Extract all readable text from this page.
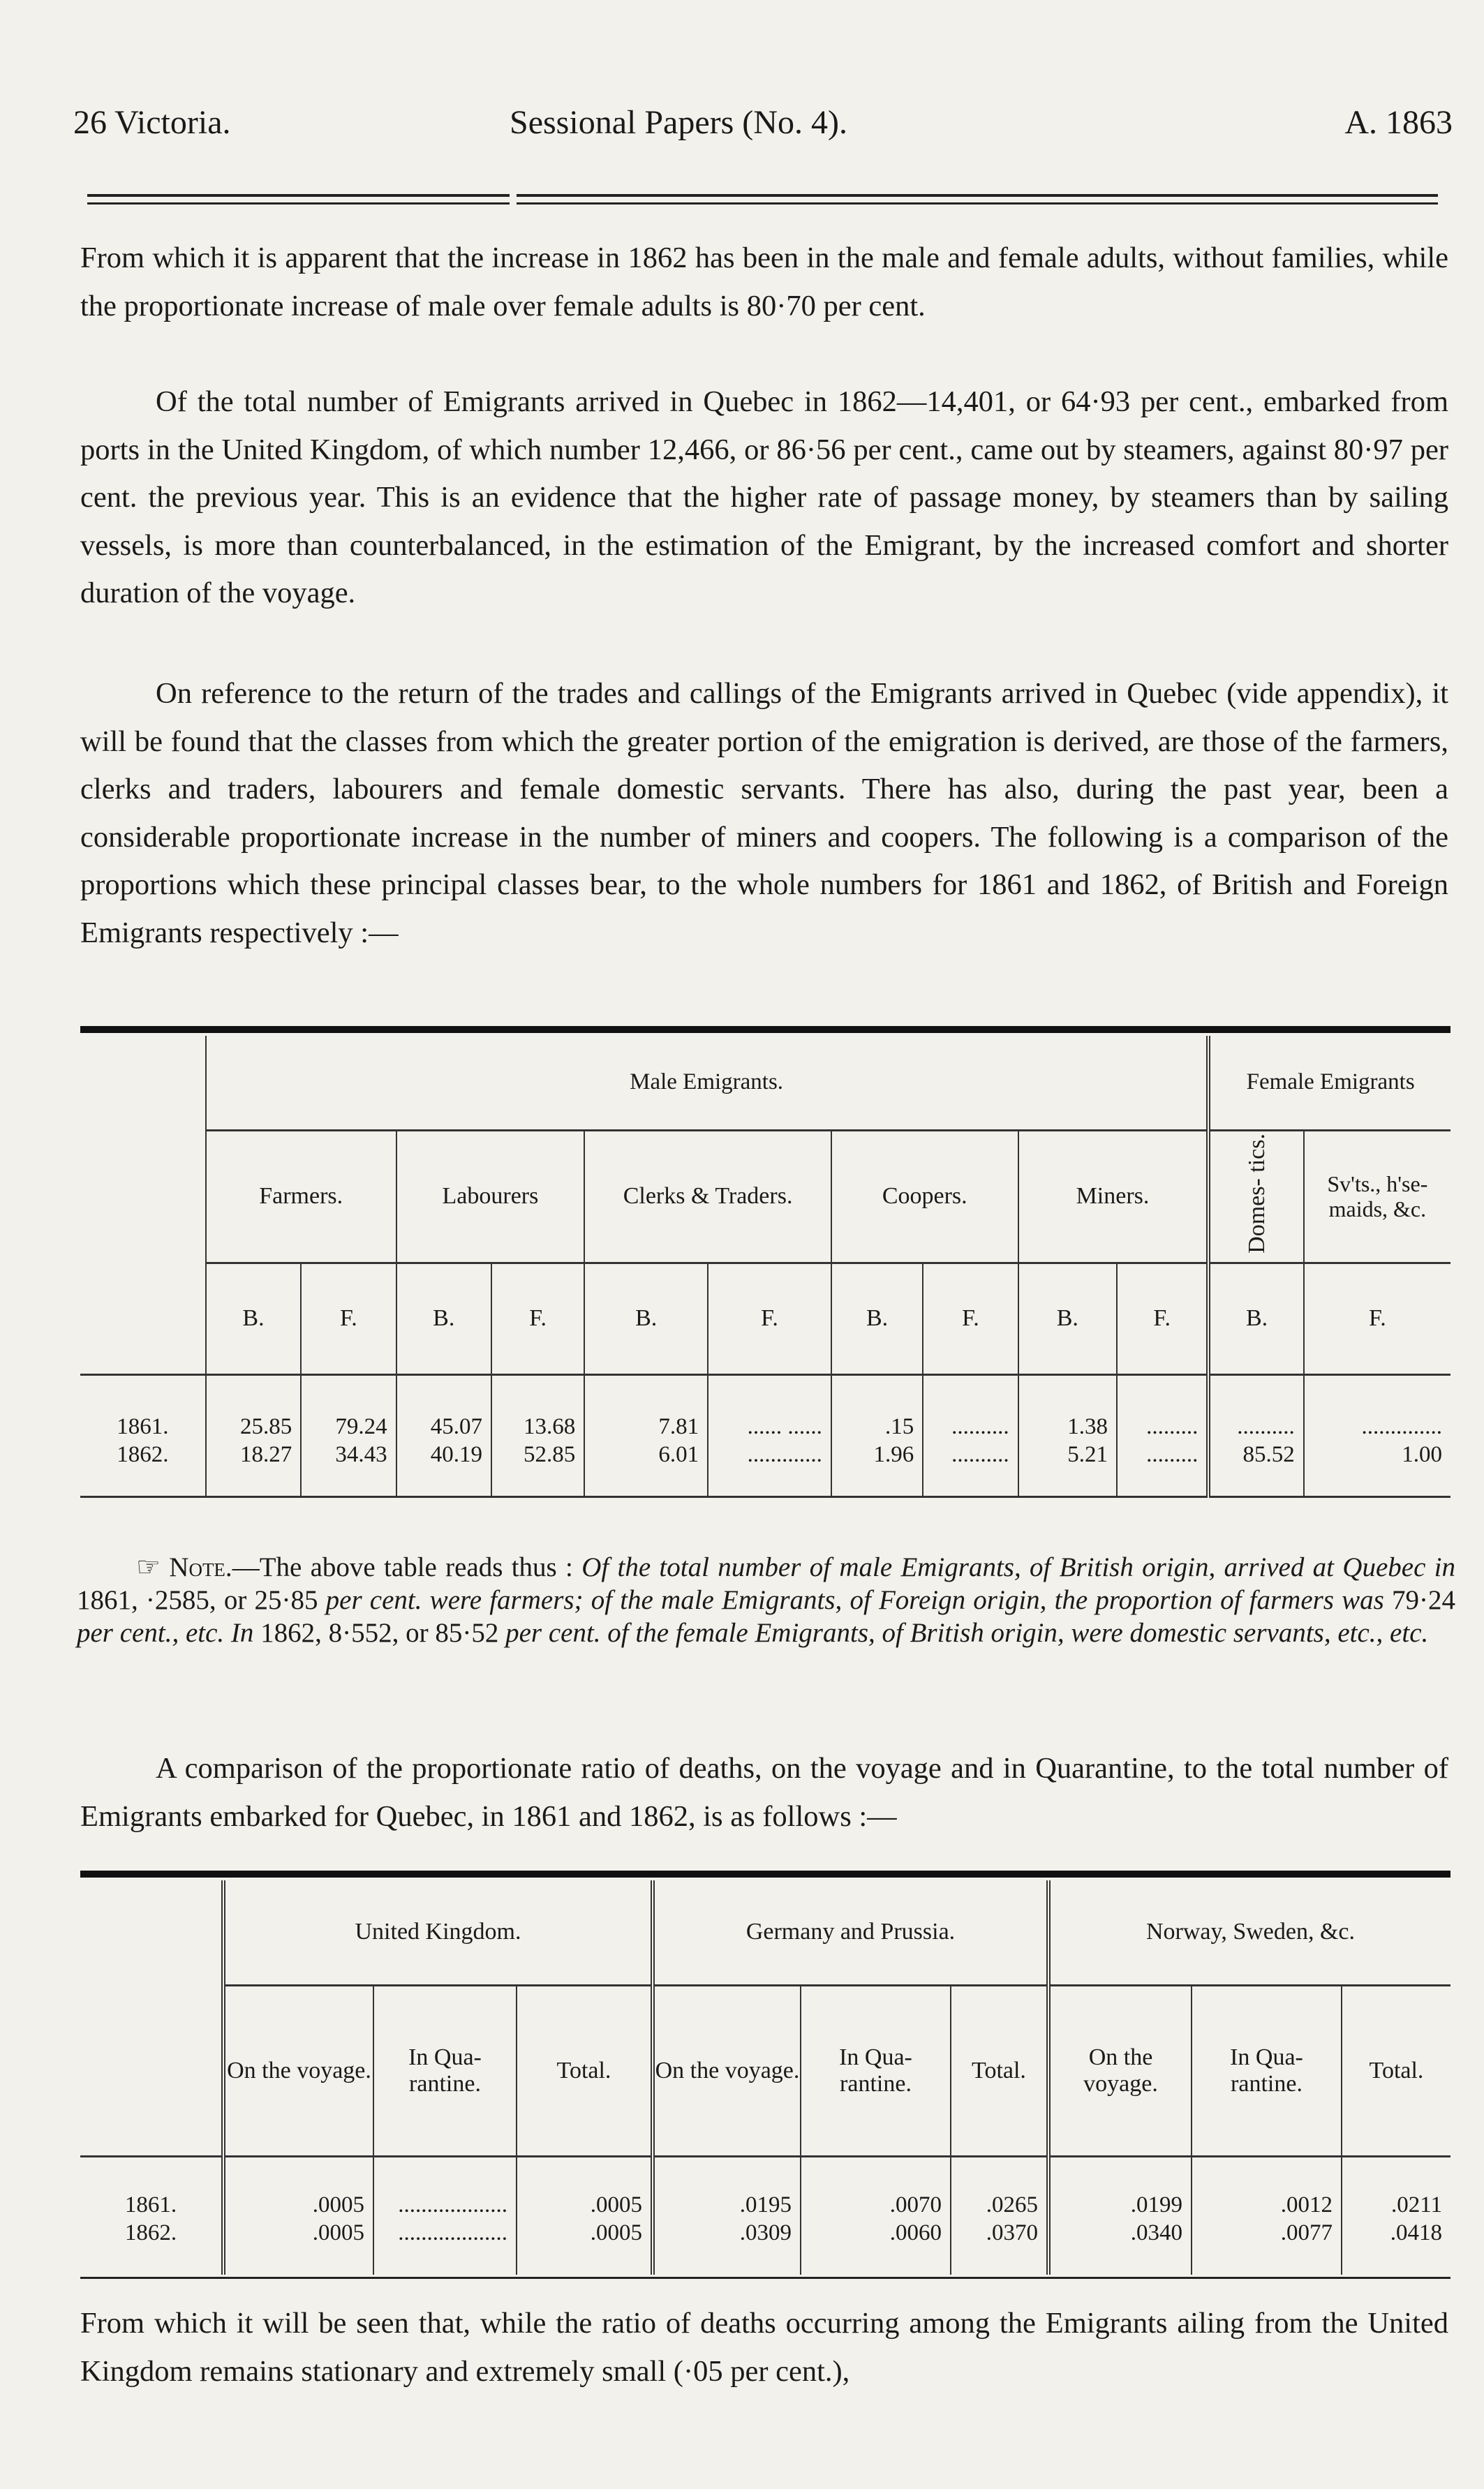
26 Victoria.	Sessional Papers (No. 4).	A. 1863

From which it is apparent that the increase in 1862 has been in the male and female adults, without families, while the proportionate increase of male over female adults is 80·70 per cent.

Of the total number of Emigrants arrived in Quebec in 1862—14,401, or 64·93 per cent., embarked from ports in the United Kingdom, of which number 12,466, or 86·56 per cent., came out by steamers, against 80·97 per cent. the previous year. This is an evidence that the higher rate of passage money, by steamers than by sailing vessels, is more than counterbalanced, in the estimation of the Emigrant, by the increased comfort and shorter duration of the voyage.

On reference to the return of the trades and callings of the Emigrants arrived in Quebec (vide appendix), it will be found that the classes from which the greater portion of the emigration is derived, are those of the farmers, clerks and traders, labourers and female domestic servants. There has also, during the past year, been a considerable proportionate increase in the number of miners and coopers. The following is a comparison of the proportions which these principal classes bear, to the whole numbers for 1861 and 1862, of British and Foreign Emigrants respectively :—

	Male Emigrants.										Female Emigrants	
	Farmers.		Labourers		Clerks & Traders.		Coopers.		Miners.		Domes- tics.	Sv'ts., h'se- maids, &c.
	B.	F.	B.	F.	B.	F.	B.	F.	B.	F.	B.	F.

1861.	25.85	79.24	45.07	13.68	7.81	...... ......	.15	..........	1.38	.........	..........	..............
1862.	18.27	34.43	40.19	52.85	6.01	.............	1.96	..........	5.21	.........	85.52	1.00

☞ Note.—The above table reads thus : Of the total number of male Emigrants, of British origin, arrived at Quebec in 1861, ·2585, or 25·85 per cent. were farmers; of the male Emigrants, of Foreign origin, the proportion of farmers was 79·24 per cent., etc. In 1862, 8·552, or 85·52 per cent. of the female Emigrants, of British origin, were domestic servants, etc., etc.

A comparison of the proportionate ratio of deaths, on the voyage and in Quarantine, to the total number of Emigrants embarked for Quebec, in 1861 and 1862, is as follows :—

	United Kingdom.			Germany and Prussia.			Norway, Sweden, &c.		
	On the voyage.	In Qua- rantine.	Total.	On the voyage.	In Qua- rantine.	Total.	On the voyage.	In Qua- rantine.	Total.

1861.	.0005	...................	.0005	.0195	.0070	.0265	.0199	.0012	.0211
1862.	.0005	...................	.0005	.0309	.0060	.0370	.0340	.0077	.0418

From which it will be seen that, while the ratio of deaths occurring among the Emigrants ailing from the United Kingdom remains stationary and extremely small (·05 per cent.),
